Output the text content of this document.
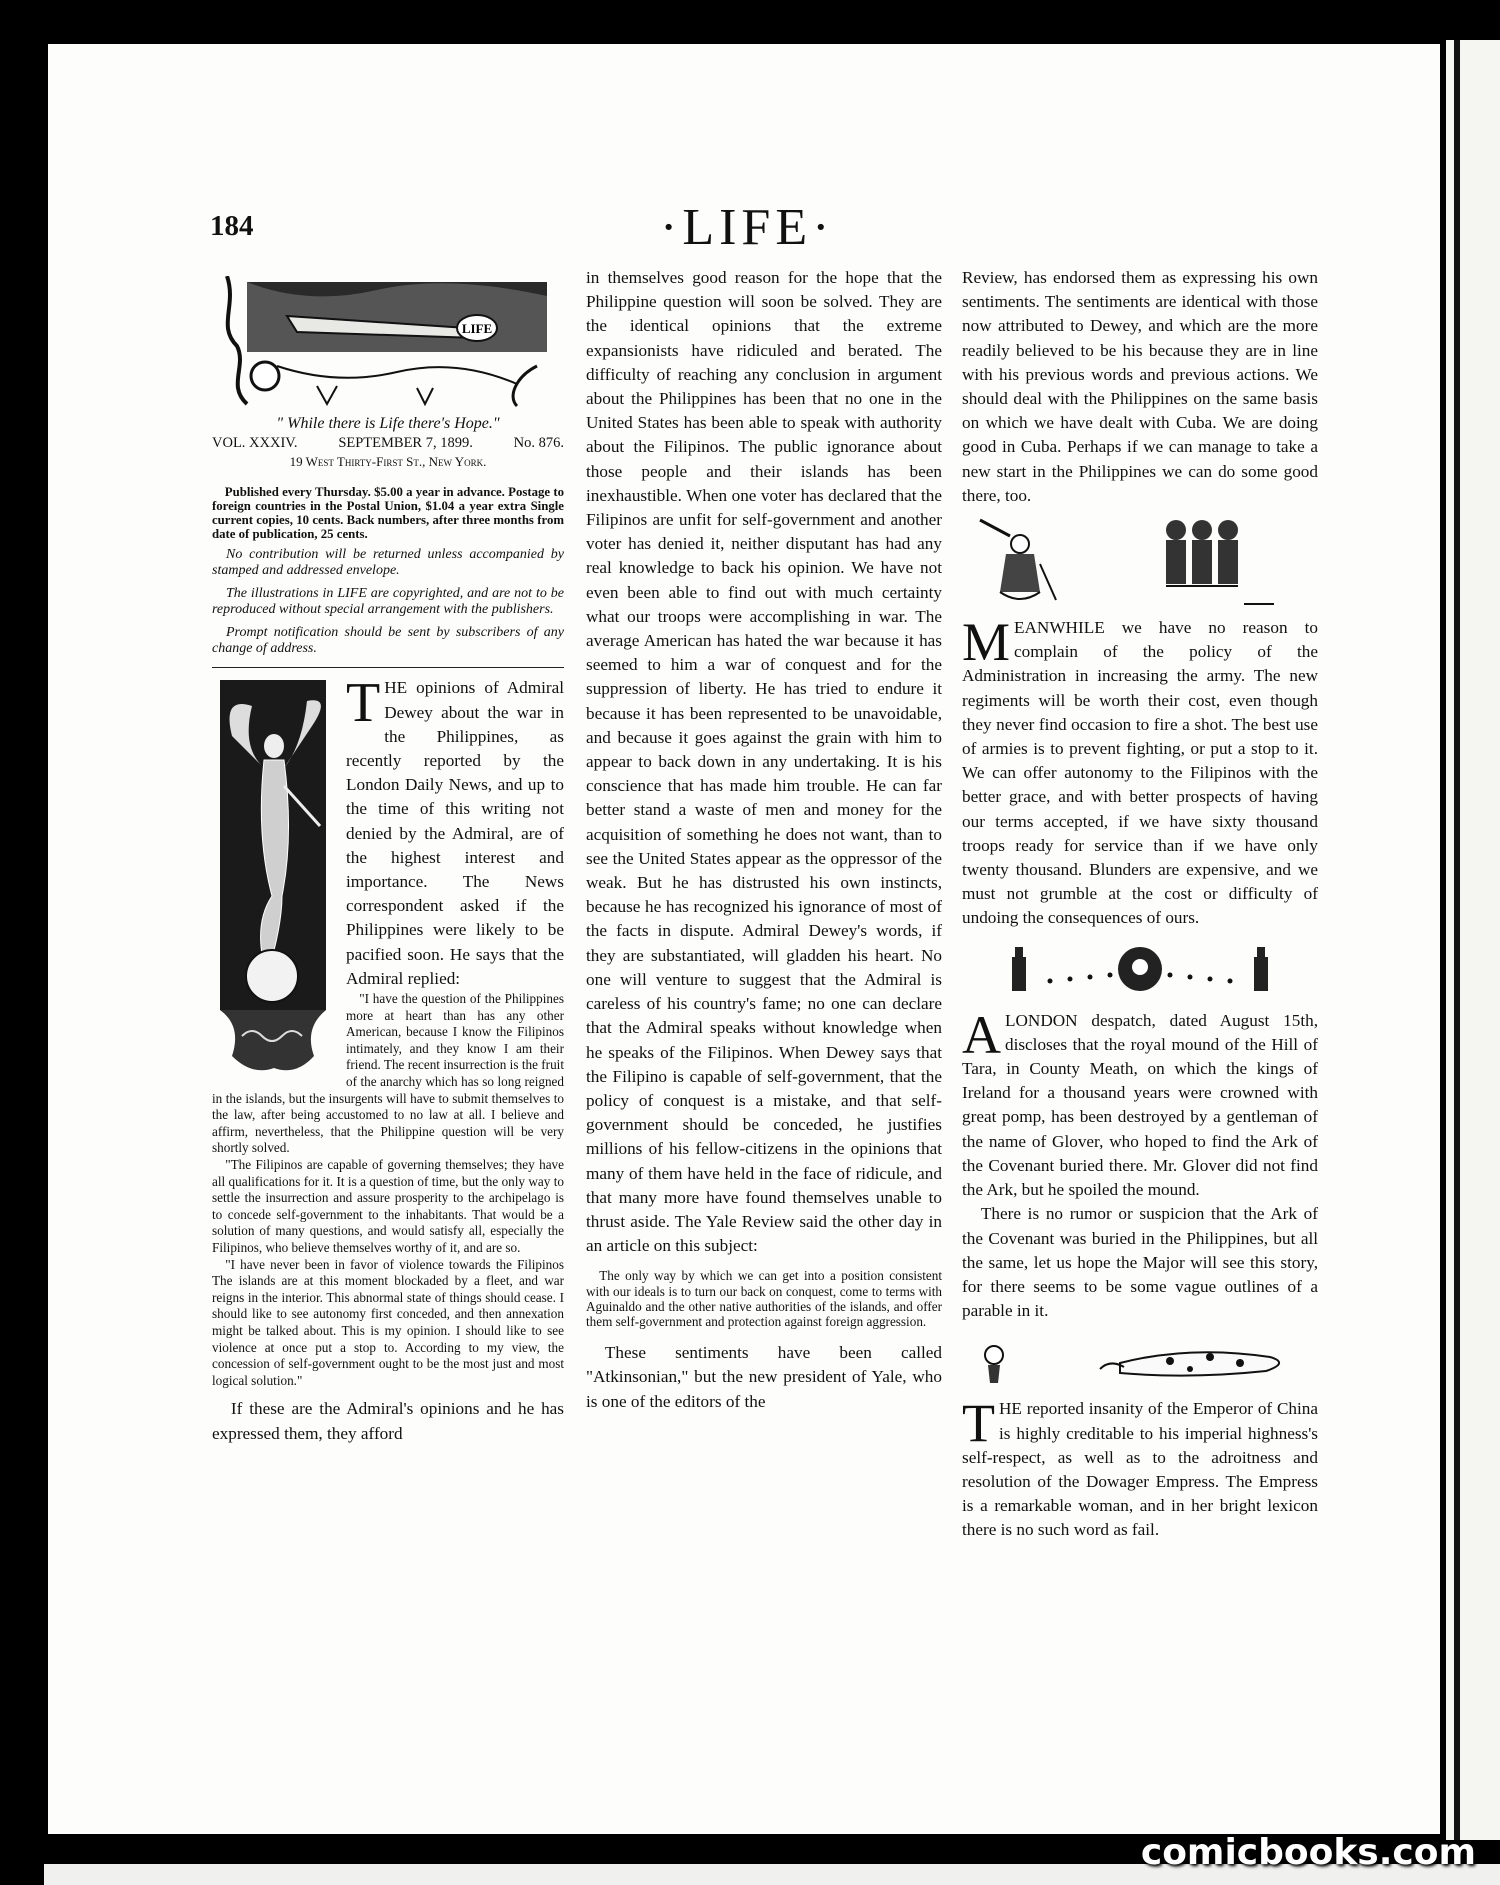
184	·LIFE·
LIFE
" While there is Life there's Hope."
VOL. XXXIV.	SEPTEMBER 7, 1899.	No. 876.
19 West Thirty-First St., New York.

Published every Thursday. $5.00 a year in advance. Postage to foreign countries in the Postal Union, $1.04 a year extra Single current copies, 10 cents. Back numbers, after three months from date of publication, 25 cents.

No contribution will be returned unless accompanied by stamped and addressed envelope.

The illustrations in LIFE are copyrighted, and are not to be reproduced without special arrangement with the publishers.

Prompt notification should be sent by subscribers of any change of address.

THE opinions of Admiral Dewey about the war in the Philippines, as recently reported by the London Daily News, and up to the time of this writing not denied by the Admiral, are of the highest interest and importance. The News correspondent asked if the Philippines were likely to be pacified soon. He says that the Admiral replied:

"I have the question of the Philippines more at heart than has any other American, because I know the Filipinos intimately, and they know I am their friend. The recent insurrection is the fruit of the anarchy which has so long reigned in the islands, but the insurgents will have to submit themselves to the law, after being accustomed to no law at all. I believe and affirm, nevertheless, that the Philippine question will be very shortly solved.

"The Filipinos are capable of governing themselves; they have all qualifications for it. It is a question of time, but the only way to settle the insurrection and assure prosperity to the archipelago is to concede self-government to the inhabitants. That would be a solution of many questions, and would satisfy all, especially the Filipinos, who believe themselves worthy of it, and are so.

"I have never been in favor of violence towards the Filipinos The islands are at this moment blockaded by a fleet, and war reigns in the interior. This abnormal state of things should cease. I should like to see autonomy first conceded, and then annexation might be talked about. This is my opinion. I should like to see violence at once put a stop to. According to my view, the concession of self-government ought to be the most just and most logical solution."

If these are the Admiral's opinions and he has expressed them, they afford

in themselves good reason for the hope that the Philippine question will soon be solved. They are the identical opinions that the extreme expansionists have ridiculed and berated. The difficulty of reaching any conclusion in argument about the Philippines has been that no one in the United States has been able to speak with authority about the Filipinos. The public ignorance about those people and their islands has been inexhaustible. When one voter has declared that the Filipinos are unfit for self-government and another voter has denied it, neither disputant has had any real knowledge to back his opinion. We have not even been able to find out with much certainty what our troops were accomplishing in war. The average American has hated the war because it has seemed to him a war of conquest and for the suppression of liberty. He has tried to endure it because it has been represented to be unavoidable, and because it goes against the grain with him to appear to back down in any undertaking. It is his conscience that has made him trouble. He can far better stand a waste of men and money for the acquisition of something he does not want, than to see the United States appear as the oppressor of the weak. But he has distrusted his own instincts, because he has recognized his ignorance of most of the facts in dispute. Admiral Dewey's words, if they are substantiated, will gladden his heart. No one will venture to suggest that the Admiral is careless of his country's fame; no one can declare that the Admiral speaks without knowledge when he speaks of the Filipinos. When Dewey says that the Filipino is capable of self-government, that the policy of conquest is a mistake, and that self-government should be conceded, he justifies millions of his fellow-citizens in the opinions that many of them have held in the face of ridicule, and that many more have found themselves unable to thrust aside. The Yale Review said the other day in an article on this subject:

The only way by which we can get into a position consistent with our ideals is to turn our back on conquest, come to terms with Aguinaldo and the other native authorities of the islands, and offer them self-government and protection against foreign aggression.

These sentiments have been called "Atkinsonian," but the new president of Yale, who is one of the editors of the

Review, has endorsed them as expressing his own sentiments. The sentiments are identical with those now attributed to Dewey, and which are the more readily believed to be his because they are in line with his previous words and previous actions. We should deal with the Philippines on the same basis on which we have dealt with Cuba. We are doing good in Cuba. Perhaps if we can manage to take a new start in the Philippines we can do some good there, too.

MEANWHILE we have no reason to complain of the policy of the Administration in increasing the army. The new regiments will be worth their cost, even though they never find occasion to fire a shot. The best use of armies is to prevent fighting, or put a stop to it. We can offer autonomy to the Filipinos with the better grace, and with better prospects of having our terms accepted, if we have sixty thousand troops ready for service than if we have only twenty thousand. Blunders are expensive, and we must not grumble at the cost or difficulty of undoing the consequences of ours.

A LONDON despatch, dated August 15th, discloses that the royal mound of the Hill of Tara, in County Meath, on which the kings of Ireland for a thousand years were crowned with great pomp, has been destroyed by a gentleman of the name of Glover, who hoped to find the Ark of the Covenant buried there. Mr. Glover did not find the Ark, but he spoiled the mound.

There is no rumor or suspicion that the Ark of the Covenant was buried in the Philippines, but all the same, let us hope the Major will see this story, for there seems to be some vague outlines of a parable in it.

THE reported insanity of the Emperor of China is highly creditable to his imperial highness's self-respect, as well as to the adroitness and resolution of the Dowager Empress. The Empress is a remarkable woman, and in her bright lexicon there is no such word as fail.

comicbooks.com
